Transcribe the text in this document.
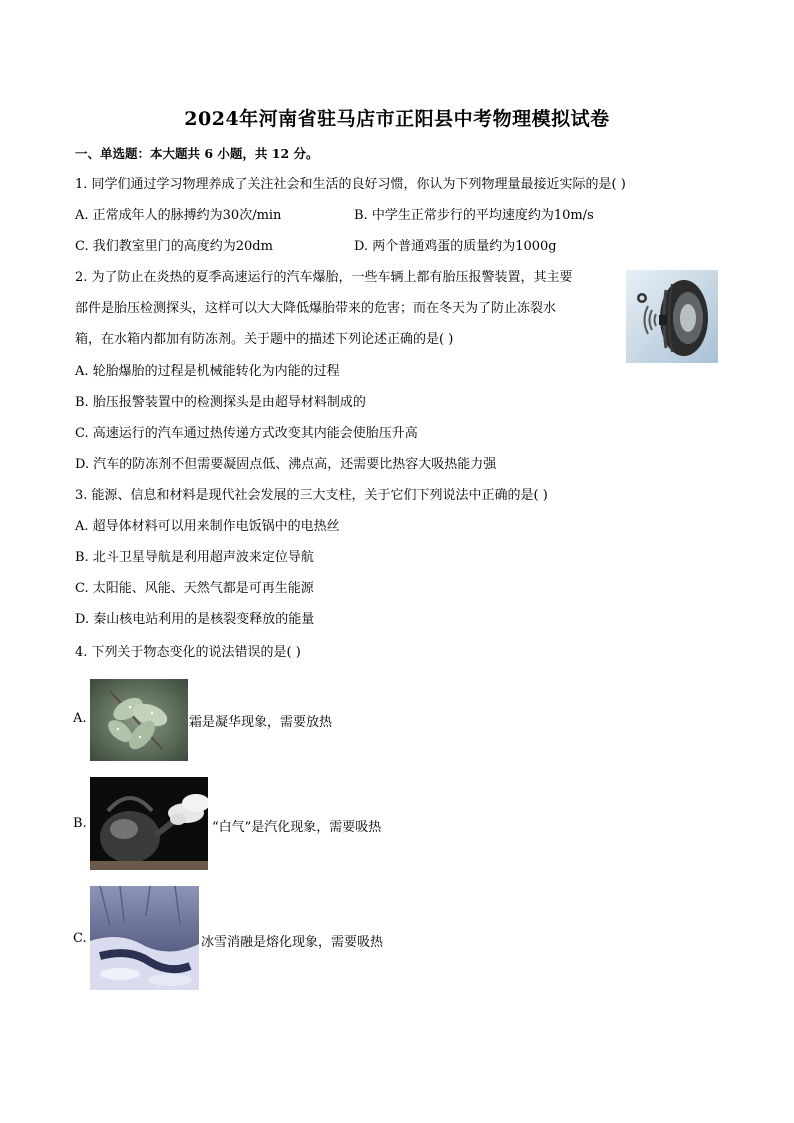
2024年河南省驻马店市正阳县中考物理模拟试卷
一、单选题：本大题共 6 小题，共 12 分。
1. 同学们通过学习物理养成了关注社会和生活的良好习惯，你认为下列物理量最接近实际的是( )
A. 正常成年人的脉搏约为30次/min	B. 中学生正常步行的平均速度约为10m/s
C. 我们教室里门的高度约为20dm	D. 两个普通鸡蛋的质量约为1000g
2. 为了防止在炎热的夏季高速运行的汽车爆胎，一些车辆上都有胎压报警装置，其主要
部件是胎压检测探头，这样可以大大降低爆胎带来的危害；而在冬天为了防止冻裂水
箱，在水箱内都加有防冻剂。关于题中的描述下列论述正确的是( )
A. 轮胎爆胎的过程是机械能转化为内能的过程
B. 胎压报警装置中的检测探头是由超导材料制成的
C. 高速运行的汽车通过热传递方式改变其内能会使胎压升高
D. 汽车的防冻剂不但需要凝固点低、沸点高，还需要比热容大吸热能力强
3. 能源、信息和材料是现代社会发展的三大支柱，关于它们下列说法中正确的是( )
A. 超导体材料可以用来制作电饭锅中的电热丝
B. 北斗卫星导航是利用超声波来定位导航
C. 太阳能、风能、天然气都是可再生能源
D. 秦山核电站利用的是核裂变释放的能量
4. 下列关于物态变化的说法错误的是( )
A.	霜是凝华现象，需要放热
B.	“白气”是汽化现象，需要吸热
C.	冰雪消融是熔化现象，需要吸热
